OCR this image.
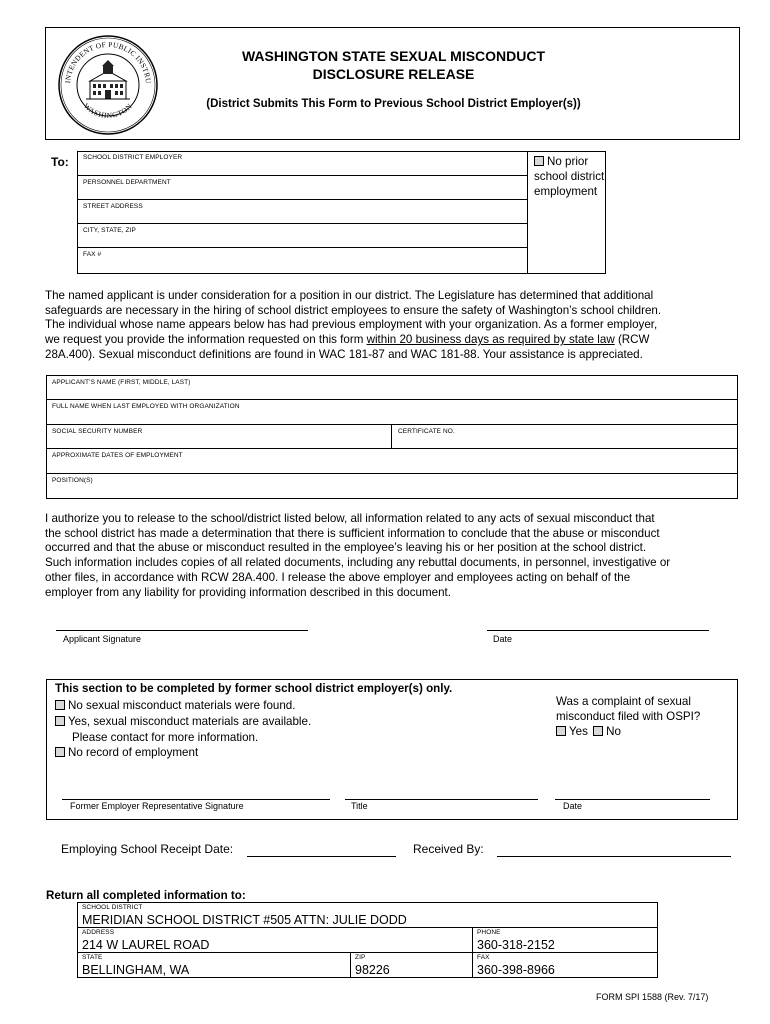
INTENDENT OF PUBLIC INSTRU
WASHINGTON
WASHINGTON STATE SEXUAL MISCONDUCT
DISCLOSURE RELEASE
(District Submits This Form to Previous School District Employer(s))
To: SCHOOL DISTRICT EMPLOYER
PERSONNEL DEPARTMENT
STREET ADDRESS
CITY, STATE, ZIP
FAX #
No prior
school district
employment
The named applicant is under consideration for a position in our district. The Legislature has determined that additional
safeguards are necessary in the hiring of school district employees to ensure the safety of Washington’s school children.
The individual whose name appears below has had previous employment with your organization. As a former employer,
we request you provide the information requested on this form within 20 business days as required by state law (RCW
28A.400). Sexual misconduct definitions are found in WAC 181-87 and WAC 181-88. Your assistance is appreciated.
APPLICANT’S NAME (FIRST, MIDDLE, LAST)
FULL NAME WHEN LAST EMPLOYED WITH ORGANIZATION
SOCIAL SECURITY NUMBER	CERTIFICATE NO.
APPROXIMATE DATES OF EMPLOYMENT
POSITION(S)
I authorize you to release to the school/district listed below, all information related to any acts of sexual misconduct that
the school district has made a determination that there is sufficient information to conclude that the abuse or misconduct
occurred and that the abuse or misconduct resulted in the employee’s leaving his or her position at the school district.
Such information includes copies of all related documents, including any rebuttal documents, in personnel, investigative or
other files, in accordance with RCW 28A.400. I release the above employer and employees acting on behalf of the
employer from any liability for providing information described in this document.
Applicant Signature	Date
This section to be completed by former school district employer(s) only.
No sexual misconduct materials were found.
Yes, sexual misconduct materials are available.
Please contact for more information.
No record of employment
Was a complaint of sexual
misconduct filed with OSPI?
Yes No
Former Employer Representative Signature	Title	Date
Employing School Receipt Date:	Received By:
Return all completed information to:
SCHOOL DISTRICT
MERIDIAN SCHOOL DISTRICT #505 ATTN: JULIE DODD
ADDRESS
214 W LAUREL ROAD
PHONE
360-318-2152
STATE
BELLINGHAM, WA
ZIP
98226
FAX
360-398-8966
FORM SPI 1588 (Rev. 7/17)
